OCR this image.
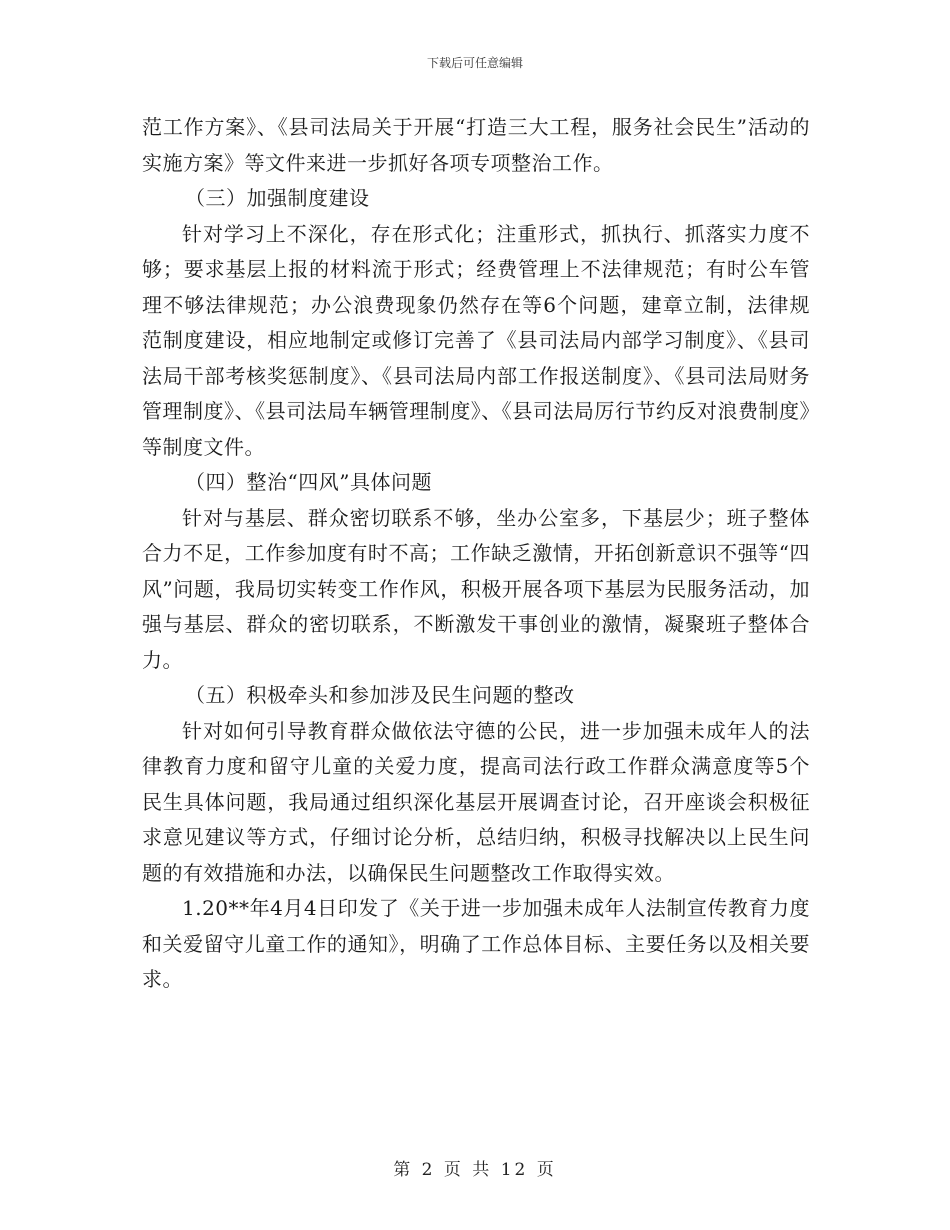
下载后可任意编辑

范工作方案》、《县司法局关于开展“打造三大工程，服务社会民生”活动的实施方案》等文件来进一步抓好各项专项整治工作。

（三）加强制度建设

针对学习上不深化，存在形式化；注重形式，抓执行、抓落实力度不够；要求基层上报的材料流于形式；经费管理上不法律规范；有时公车管理不够法律规范；办公浪费现象仍然存在等6个问题，建章立制，法律规范制度建设，相应地制定或修订完善了《县司法局内部学习制度》、《县司法局干部考核奖惩制度》、《县司法局内部工作报送制度》、《县司法局财务管理制度》、《县司法局车辆管理制度》、《县司法局厉行节约反对浪费制度》等制度文件。

（四）整治“四风”具体问题

针对与基层、群众密切联系不够，坐办公室多，下基层少；班子整体合力不足，工作参加度有时不高；工作缺乏激情，开拓创新意识不强等“四风”问题，我局切实转变工作作风，积极开展各项下基层为民服务活动，加强与基层、群众的密切联系，不断激发干事创业的激情，凝聚班子整体合力。

（五）积极牵头和参加涉及民生问题的整改

针对如何引导教育群众做依法守德的公民，进一步加强未成年人的法律教育力度和留守儿童的关爱力度，提高司法行政工作群众满意度等5个民生具体问题，我局通过组织深化基层开展调查讨论，召开座谈会积极征求意见建议等方式，仔细讨论分析，总结归纳，积极寻找解决以上民生问题的有效措施和办法，以确保民生问题整改工作取得实效。

1.20**年4月4日印发了《关于进一步加强未成年人法制宣传教育力度和关爱留守儿童工作的通知》，明确了工作总体目标、主要任务以及相关要求。

第 2 页 共 12 页
